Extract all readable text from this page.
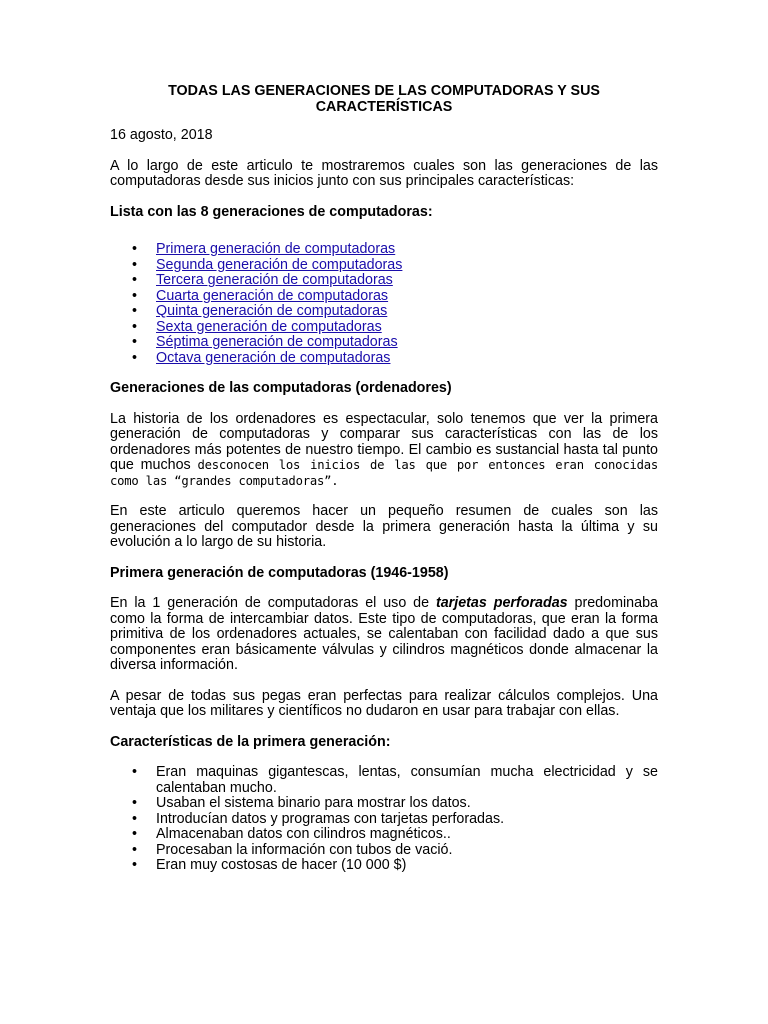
TODAS LAS GENERACIONES DE LAS COMPUTADORAS Y SUS CARACTERÍSTICAS
16 agosto, 2018

A lo largo de este articulo te mostraremos cuales son las generaciones de las computadoras desde sus inicios junto con sus principales características:

Lista con las 8 generaciones de computadoras:
• Primera generación de computadoras
• Segunda generación de computadoras
• Tercera generación de computadoras
• Cuarta generación de computadoras
• Quinta generación de computadoras
• Sexta generación de computadoras
• Séptima generación de computadoras
• Octava generación de computadoras
Generaciones de las computadoras (ordenadores)

La historia de los ordenadores es espectacular, solo tenemos que ver la primera generación de computadoras y comparar sus características con las de los ordenadores más potentes de nuestro tiempo. El cambio es sustancial hasta tal punto que muchos desconocen los inicios de las que por entonces eran conocidas como las “grandes computadoras”.

En este articulo queremos hacer un pequeño resumen de cuales son las generaciones del computador desde la primera generación hasta la última y su evolución a lo largo de su historia.

Primera generación de computadoras (1946-1958)

En la 1 generación de computadoras el uso de tarjetas perforadas predominaba como la forma de intercambiar datos. Este tipo de computadoras, que eran la forma primitiva de los ordenadores actuales, se calentaban con facilidad dado a que sus componentes eran básicamente válvulas y cilindros magnéticos donde almacenar la diversa información.

A pesar de todas sus pegas eran perfectas para realizar cálculos complejos. Una ventaja que los militares y científicos no dudaron en usar para trabajar con ellas.

Características de la primera generación:
• Eran maquinas gigantescas, lentas, consumían mucha electricidad y se calentaban mucho.
• Usaban el sistema binario para mostrar los datos.
• Introducían datos y programas con tarjetas perforadas.
• Almacenaban datos con cilindros magnéticos..
• Procesaban la información con tubos de vació.
• Eran muy costosas de hacer (10 000 $)
